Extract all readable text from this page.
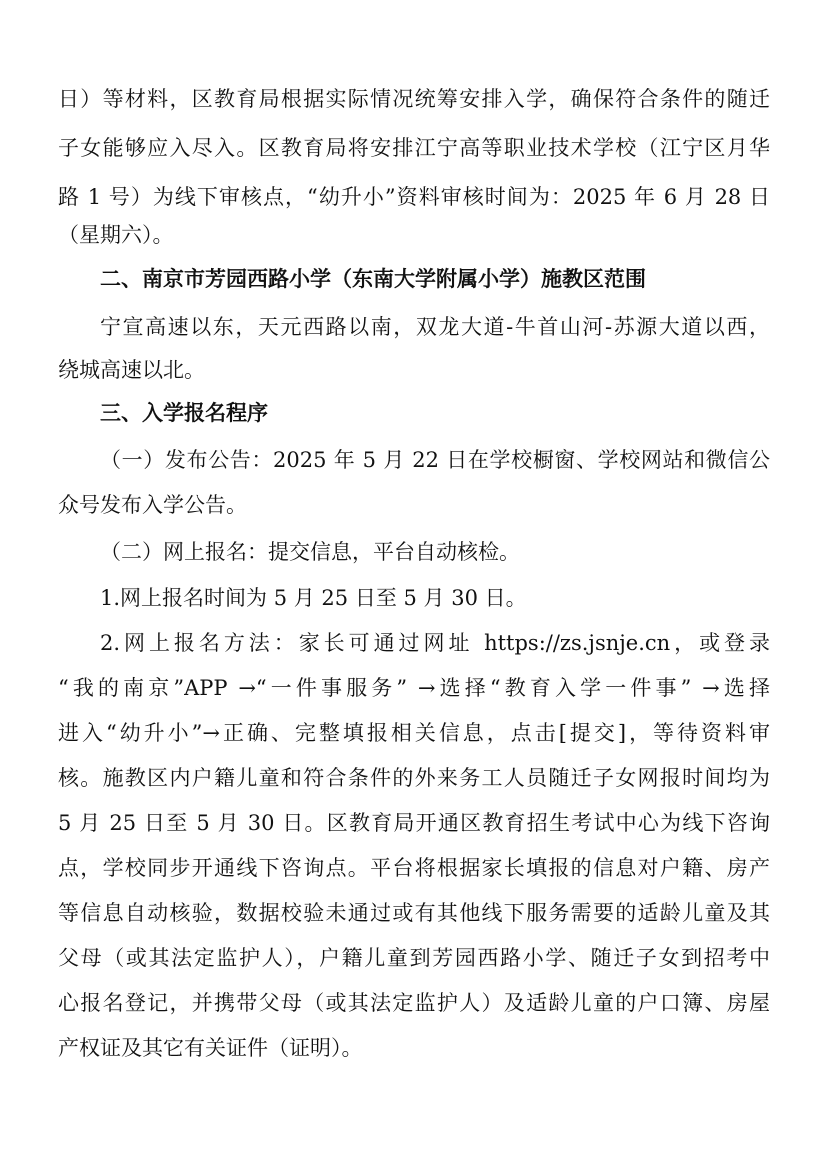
日）等材料，区教育局根据实际情况统筹安排入学，确保符合条件的随迁
子女能够应入尽入。区教育局将安排江宁高等职业技术学校（江宁区月华
路 1 号）为线下审核点，“幼升小”资料审核时间为：2025 年 6 月 28 日
（星期六）。
二、南京市芳园西路小学（东南大学附属小学）施教区范围
宁宣高速以东，天元西路以南，双龙大道-牛首山河-苏源大道以西，
绕城高速以北。
三、入学报名程序
（一）发布公告：2025 年 5 月 22 日在学校橱窗、学校网站和微信公
众号发布入学公告。
（二）网上报名：提交信息，平台自动核检。
1.网上报名时间为 5 月 25 日至 5 月 30 日。
2.网上报名方法：家长可通过网址 https://zs.jsnje.cn，或登录
“我的南京”APP →“一件事服务” →选择“教育入学一件事” →选择
进入“幼升小”→正确、完整填报相关信息，点击[提交]，等待资料审
核。施教区内户籍儿童和符合条件的外来务工人员随迁子女网报时间均为
5 月 25 日至 5 月 30 日。区教育局开通区教育招生考试中心为线下咨询
点，学校同步开通线下咨询点。平台将根据家长填报的信息对户籍、房产
等信息自动核验，数据校验未通过或有其他线下服务需要的适龄儿童及其
父母（或其法定监护人），户籍儿童到芳园西路小学、随迁子女到招考中
心报名登记，并携带父母（或其法定监护人）及适龄儿童的户口簿、房屋
产权证及其它有关证件（证明）。
